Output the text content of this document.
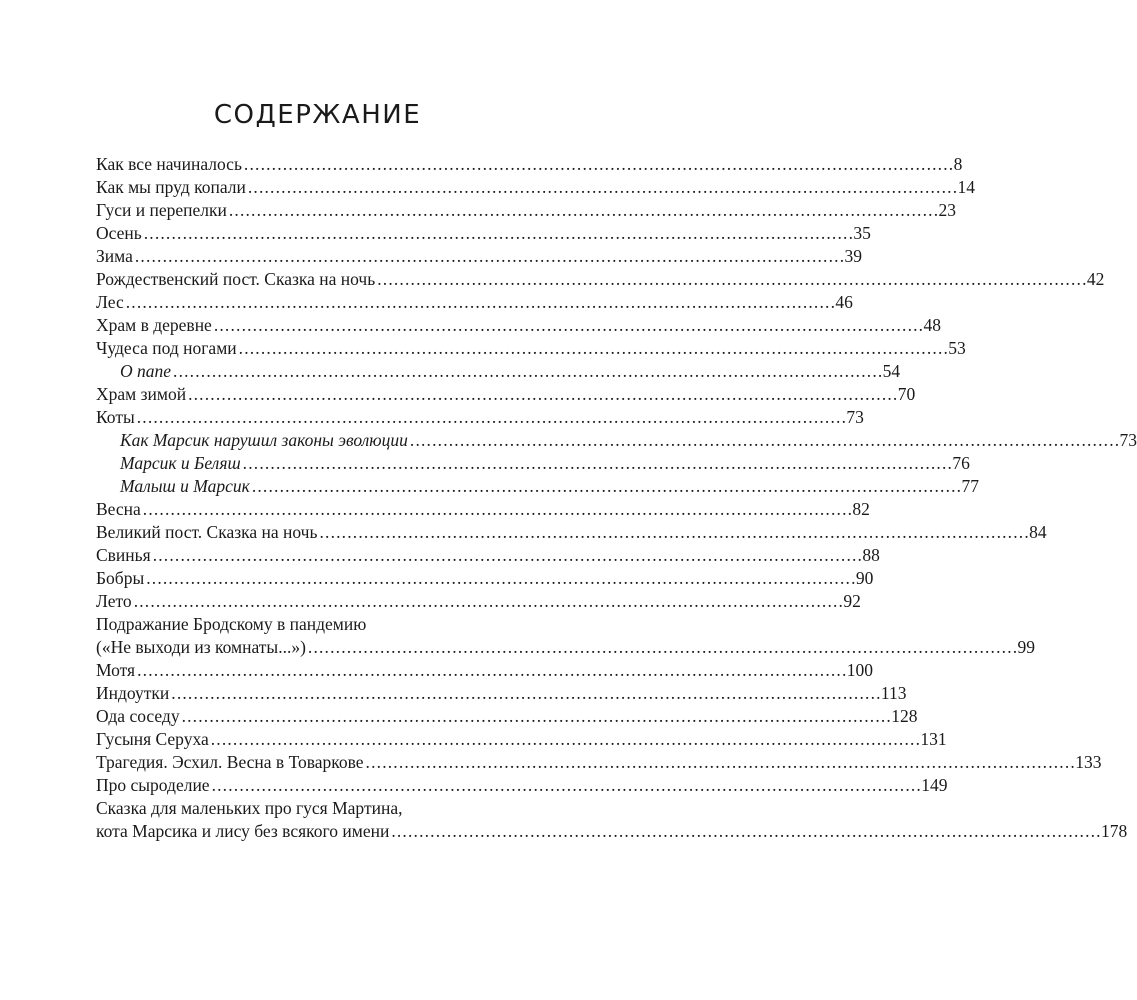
СОДЕРЖАНИЕ
Как все начиналось . . .	8
Как мы пруд копали . . .	14
Гуси и перепелки . . .	23
Осень . . .	35
Зима . . .	39
Рождественский пост. Сказка на ночь . . .	42
Лес . . .	46
Храм в деревне . . .	48
Чудеса под ногами . . .	53
О папе . . .	54
Храм зимой . . .	70
Коты . . .	73
Как Марсик нарушил законы эволюции . . .	73
Марсик и Беляш . . .	76
Малыш и Марсик . . .	77
Весна . . .	82
Великий пост. Сказка на ночь . . .	84
Свинья . . .	88
Бобры . . .	90
Лето . . .	92
Подражание Бродскому в пандемию
(«Не выходи из комнаты...») . . .	99
Мотя . . .	100
Индоутки . . .	113
Ода соседу . . .	128
Гусыня Серуха . . .	131
Трагедия. Эсхил. Весна в Товаркове . . .	133
Про сыроделие . . .	149
Сказка для маленьких про гуся Мартина,
кота Марсика и лису без всякого имени . . .	178
